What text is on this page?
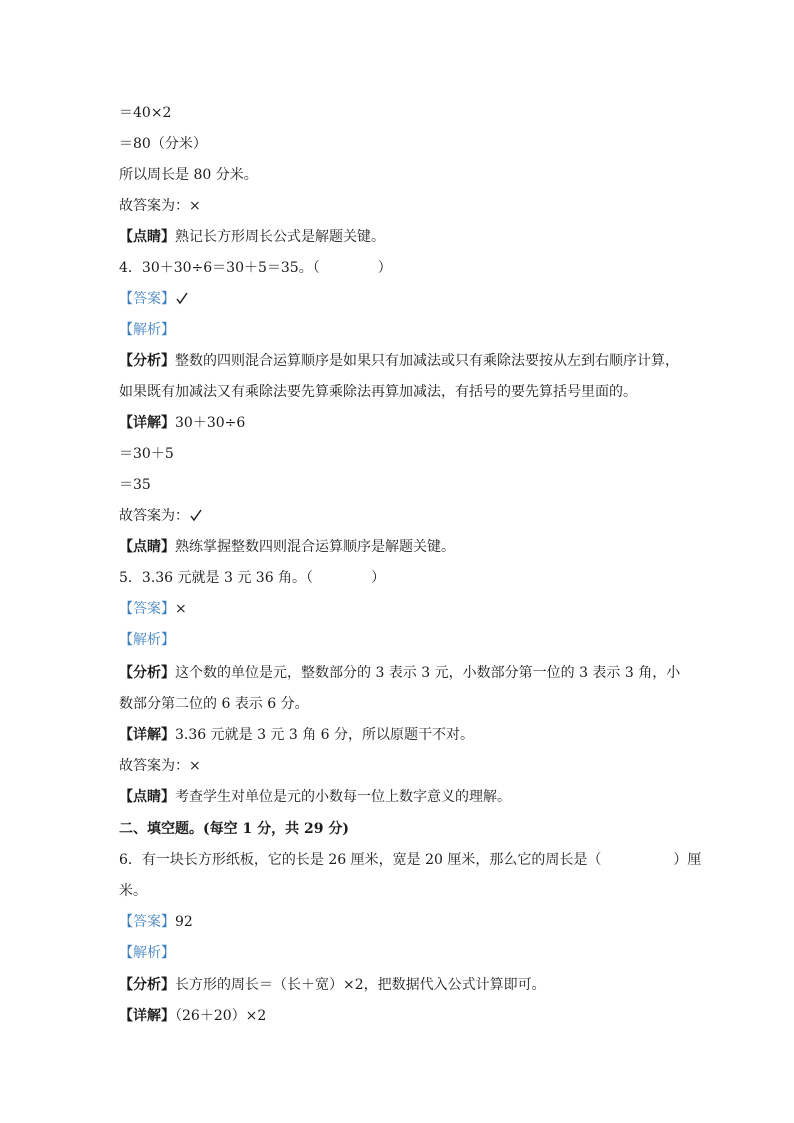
＝40×2
＝80（分米）
所以周长是 80 分米。
故答案为：×
【点睛】熟记长方形周长公式是解题关键。
4．30＋30÷6＝30＋5＝35。（	）
【答案】
【解析】
【分析】整数的四则混合运算顺序是如果只有加减法或只有乘除法要按从左到右顺序计算，
如果既有加减法又有乘除法要先算乘除法再算加减法，有括号的要先算括号里面的。
【详解】30＋30÷6
＝30＋5
＝35
故答案为：
【点睛】熟练掌握整数四则混合运算顺序是解题关键。
5．3.36 元就是 3 元 36 角。（	）
【答案】×
【解析】
【分析】这个数的单位是元，整数部分的 3 表示 3 元，小数部分第一位的 3 表示 3 角，小
数部分第二位的 6 表示 6 分。
【详解】3.36 元就是 3 元 3 角 6 分，所以原题干不对。
故答案为：×
【点睛】考查学生对单位是元的小数每一位上数字意义的理解。
二、填空题。(每空 1 分，共 29 分)
6．有一块长方形纸板，它的长是 26 厘米，宽是 20 厘米，那么它的周长是（	）厘
米。
【答案】92
【解析】
【分析】长方形的周长＝（长＋宽）×2，把数据代入公式计算即可。
【详解】（26＋20）×2
